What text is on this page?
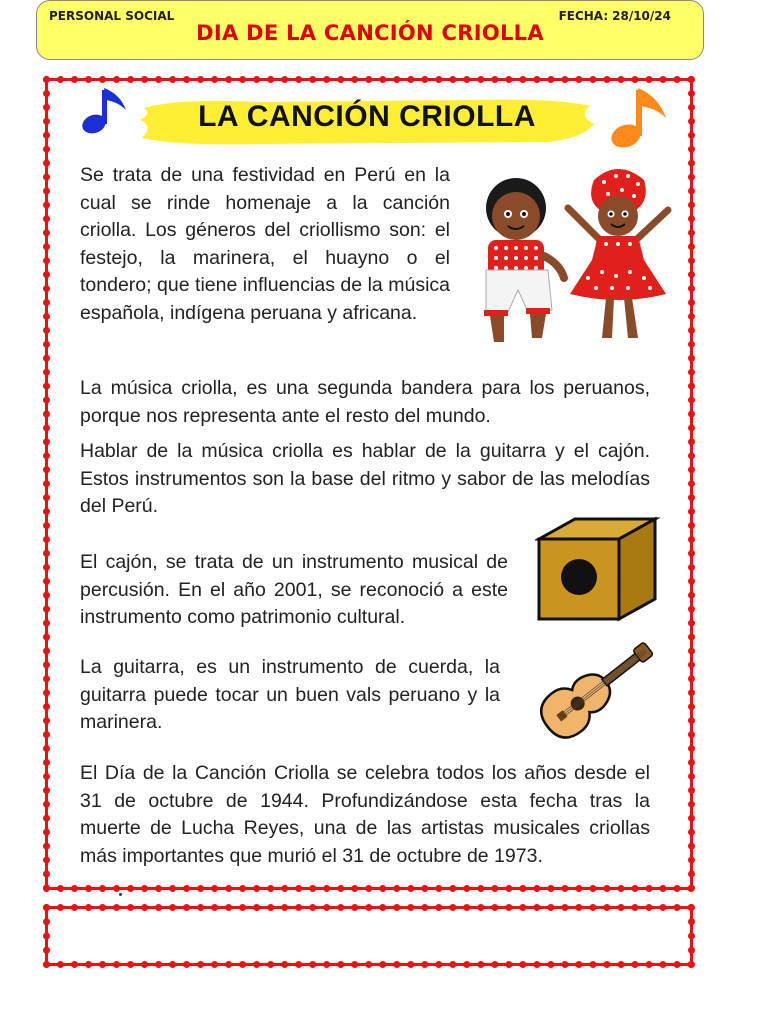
PERSONAL SOCIAL	FECHA: 28/10/24
DIA DE LA CANCIÓN CRIOLLA
LA CANCIÓN CRIOLLA

Se trata de una festividad en Perú en la cual se rinde homenaje a la canción criolla. Los géneros del criollismo son: el festejo, la marinera, el huayno o el tondero; que tiene influencias de la música española, indígena peruana y africana.

La música criolla, es una segunda bandera para los peruanos, porque nos representa ante el resto del mundo.

Hablar de la música criolla es hablar de la guitarra y el cajón. Estos instrumentos son la base del ritmo y sabor de las melodías del Perú.

El cajón, se trata de un instrumento musical de percusión. En el año 2001, se reconoció a este instrumento como patrimonio cultural.

La guitarra, es un instrumento de cuerda, la guitarra puede tocar un buen vals peruano y la marinera.

El Día de la Canción Criolla se celebra todos los años desde el 31 de octubre de 1944. Profundizándose esta fecha tras la muerte de Lucha Reyes, una de las artistas musicales criollas más importantes que murió el 31 de octubre de 1973.
